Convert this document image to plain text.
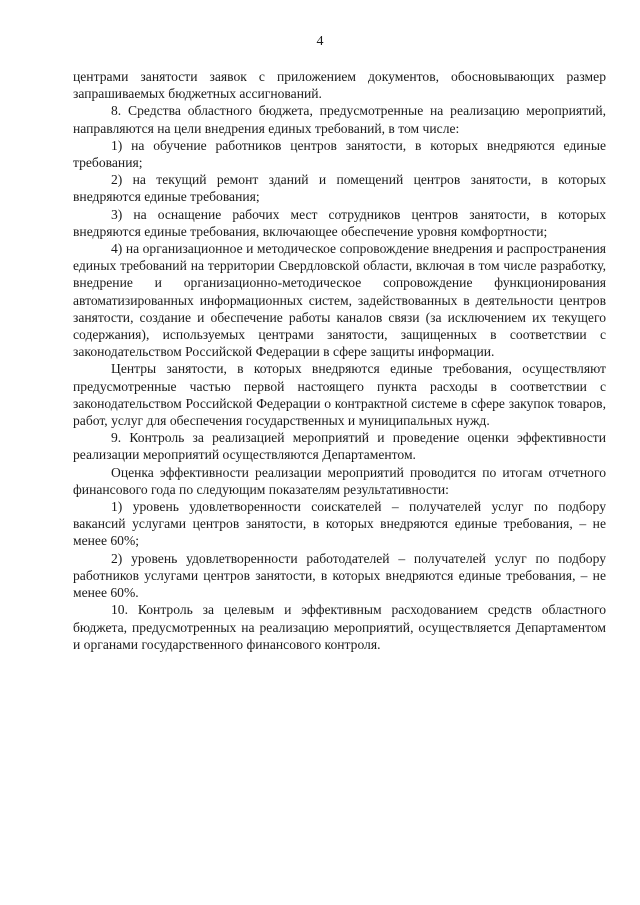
4

центрами занятости заявок с приложением документов, обосновывающих размер запрашиваемых бюджетных ассигнований.

8. Средства областного бюджета, предусмотренные на реализацию мероприятий, направляются на цели внедрения единых требований, в том числе:

1) на обучение работников центров занятости, в которых внедряются единые требования;

2) на текущий ремонт зданий и помещений центров занятости, в которых внедряются единые требования;

3) на оснащение рабочих мест сотрудников центров занятости, в которых внедряются единые требования, включающее обеспечение уровня комфортности;

4) на организационное и методическое сопровождение внедрения и распространения единых требований на территории Свердловской области, включая в том числе разработку, внедрение и организационно-методическое сопровождение функционирования автоматизированных информационных систем, задействованных в деятельности центров занятости, создание и обеспечение работы каналов связи (за исключением их текущего содержания), используемых центрами занятости, защищенных в соответствии с законодательством Российской Федерации в сфере защиты информации.

Центры занятости, в которых внедряются единые требования, осуществляют предусмотренные частью первой настоящего пункта расходы в соответствии с законодательством Российской Федерации о контрактной системе в сфере закупок товаров, работ, услуг для обеспечения государственных и муниципальных нужд.

9. Контроль за реализацией мероприятий и проведение оценки эффективности реализации мероприятий осуществляются Департаментом.

Оценка эффективности реализации мероприятий проводится по итогам отчетного финансового года по следующим показателям результативности:

1) уровень удовлетворенности соискателей – получателей услуг по подбору вакансий услугами центров занятости, в которых внедряются единые требования, – не менее 60%;

2) уровень удовлетворенности работодателей – получателей услуг по подбору работников услугами центров занятости, в которых внедряются единые требования, – не менее 60%.

10. Контроль за целевым и эффективным расходованием средств областного бюджета, предусмотренных на реализацию мероприятий, осуществляется Департаментом и органами государственного финансового контроля.
